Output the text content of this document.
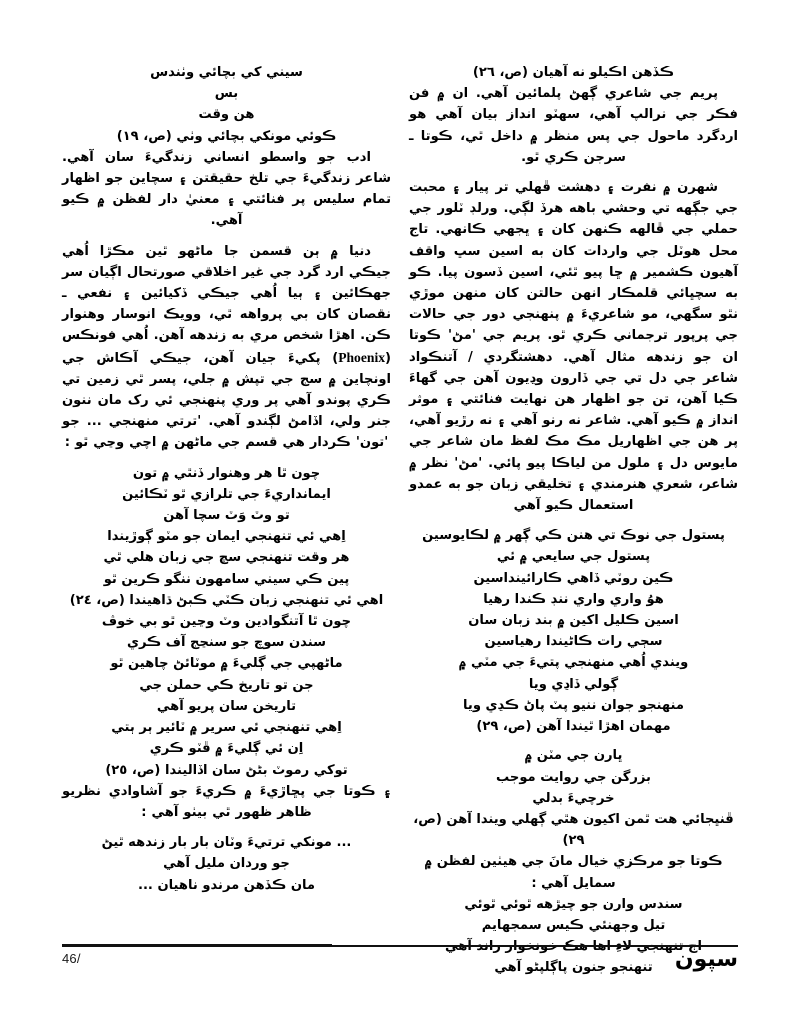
سيني کي بچائي وٺندس
بس
هن وقت
ڪوئي مونکي بچائي وٺي (ص، ١٩)

ادب جو واسطو انساني زندگيءَ سان آهي. شاعر زندگيءَ جي تلخ حقيقتن ۽ سچاين جو اظهار تمام سليس پر فنائتي ۽ معنيٰ دار لفظن ۾ ڪيو آهي.

دنيا ۾ ٻن قسمن جا ماڻهو ٿين مڪڙا اُهي جيڪي ارد گرد جي غير اخلاقي صورتحال اڳيان سر جهڪائين ۽ ٻيا اُهي جيڪي ڏکيائين ۽ نفعي ـ نقصان کان بي پرواهه ٿي، وويڪ انوسار وهنوار ڪن. اهڙا شخص مري به زندهه آهن. اُهي فونڪس (Phoenix) پکيءَ جيان آهن، جيڪي آڪاش جي اونچاين ۾ سج جي تپش ۾ جلي، پسر ٿي زمين تي ڪري پوندو آهي پر وري پنهنجي ئي رک مان ننون جنر ولي، اڏامڻ لڳندو آهي. 'ترتي منهنجي ... جو 'تون' ڪردار هي قسم جي ماڻهن ۾ اچي وڃي ٿو :

چون ٿا هر وهنوار ڏنٿي ۾ تون
ايمانداريءَ جي تلرازي ٿو ٽڪائين
تو وٽ وَٽ سچا آهن
اِهي ئي تنهنجي ايمان جو مٽو ڳوڙيندا
هر وقت تنهنجي سچ جي زبان هلي ٿي
پين ڪي سيني سامهون ننگو ڪرين ٿو
اهي ئي تنهنجي زبان ڪٽي ڪبڻ ڌاهيندا (ص، ٢٤)
چون ٿا آتنگوادين وٽ وڃين ٿو بي خوڤ
سندن سوچ جو سنڃج آف ڪري
ماڻهپي جي ڳليءَ ۾ موٽائڻ چاهين ٿو
جن تو تاريخ ڪي حملن جي
تاريخن سان پريو آهي
اِهي تنهنجي ئي سرير ۾ ٽائير ٻر ٻتي
اِن ئي ڳليءَ ۾ ڦٽو ڪري
توکي رموٽ بڻڻ سان اڏاليندا (ص، ٢٥)

۽ ڪوتا جي پڇاڙيءَ ۾ ڪريءَ جو آشاوادي نظريو ظاهر ظهور ٿي بيٺو آهي :

... مونکي ترتيءَ وٽان بار بار زندهه ٿيڻ
جو وردان مليل آهي
مان ڪڏهن مرندو ناهيان ...
ڪڏهن اڪيلو نه آهيان (ص، ٢٦)

پريم جي شاعري ڳهڻ پلمائين آهي. ان ۾ فن فڪر جي نرالپ آهي، سهٽو انداز بيان آهي هو اردگرد ماحول جي پس منظر ۾ داخل ٿي، ڪوتا ـ سرجن ڪري ٿو.

شهرن ۾ نفرت ۽ دهشت ڦهلي تر پيار ۽ محبت جي جڳهه تي وحشي باهه هرڏ لڳي. ورلڊ ٽلور جي حملي جي ڦالهه ڪنهن کان ۽ ڀجهي ڪانهي. تاج محل هوٽل جي واردات کان به اسين سڀ واقف آهيون ڪشمير ۾ ڇا پيو ٿئي، اسين ڏسون پيا. ڪو به سچڀائي قلمڪار انهن حالتن کان منهن موڙي نٿو سگهي، مو شاعريءَ ۾ پنهنجي دور جي حالات جي پرپور ترجماني ڪري ٿو. پريم جي 'مڻ' ڪوتا ان جو زندهه مثال آهي. دهشتگردي / آتنڪواد شاعر جي دل تي جي ڏارون وڍيون آهن جي گهاءَ ڪيا آهن، تن جو اظهار هن نهايت فنائتي ۽ موثر انداز ۾ ڪيو آهي. شاعر نه رنو آهي ۽ نه رڙيو آهي، پر هن جي اظهاريل مڪ مڪ لفظ مان شاعر جي مايوس دل ۽ ملول من لياڪا پيو پائي. 'مڻ' نظر ۾ شاعر، شعري هنرمندي ۽ تخليقي زبان جو به عمدو استعمال ڪيو آهي

پستول جي نوڪ تي هنن ڪي ڳهر ۾ لڪايوسين
پستول جي سايعي ۾ ئي
ڪين روٽي ڏاهي ڪارائينداسين
هوُ واري واري ننڊ ڪندا رهيا
اسين ڪليل اکين ۾ بند زبان سان
سڄي رات ڪاڻيندا رهياسين
ويندي اُهي منهنجي پتيءَ جي مٽي ۾
ڳولي ڏاڍي ويا
منهنجو جوان ننيو پٽ پاڻ ڪڍي ويا
مهمان اهڙا ٿيندا آهن (ص، ٢٩)
ڀارن جي مٽن ۾
بزرگن جي روايت موجب
خرچيءَ بدلي
ڦنڀجائي هت ٿمن اکيون هٿي ڳهلي ويندا آهن (ص، ٢٩)
ڪوتا جو مرڪزي خيال مانَ جي هيٺين لفظن ۾ سمايل آهي :
سندس وارن جو چيڙهه ٿوئي ٿوئي
تيل وجهنئي ڪيس سمجهايم
تنهنجو جنون پاڳلپڻو آهي
46/	سپون
